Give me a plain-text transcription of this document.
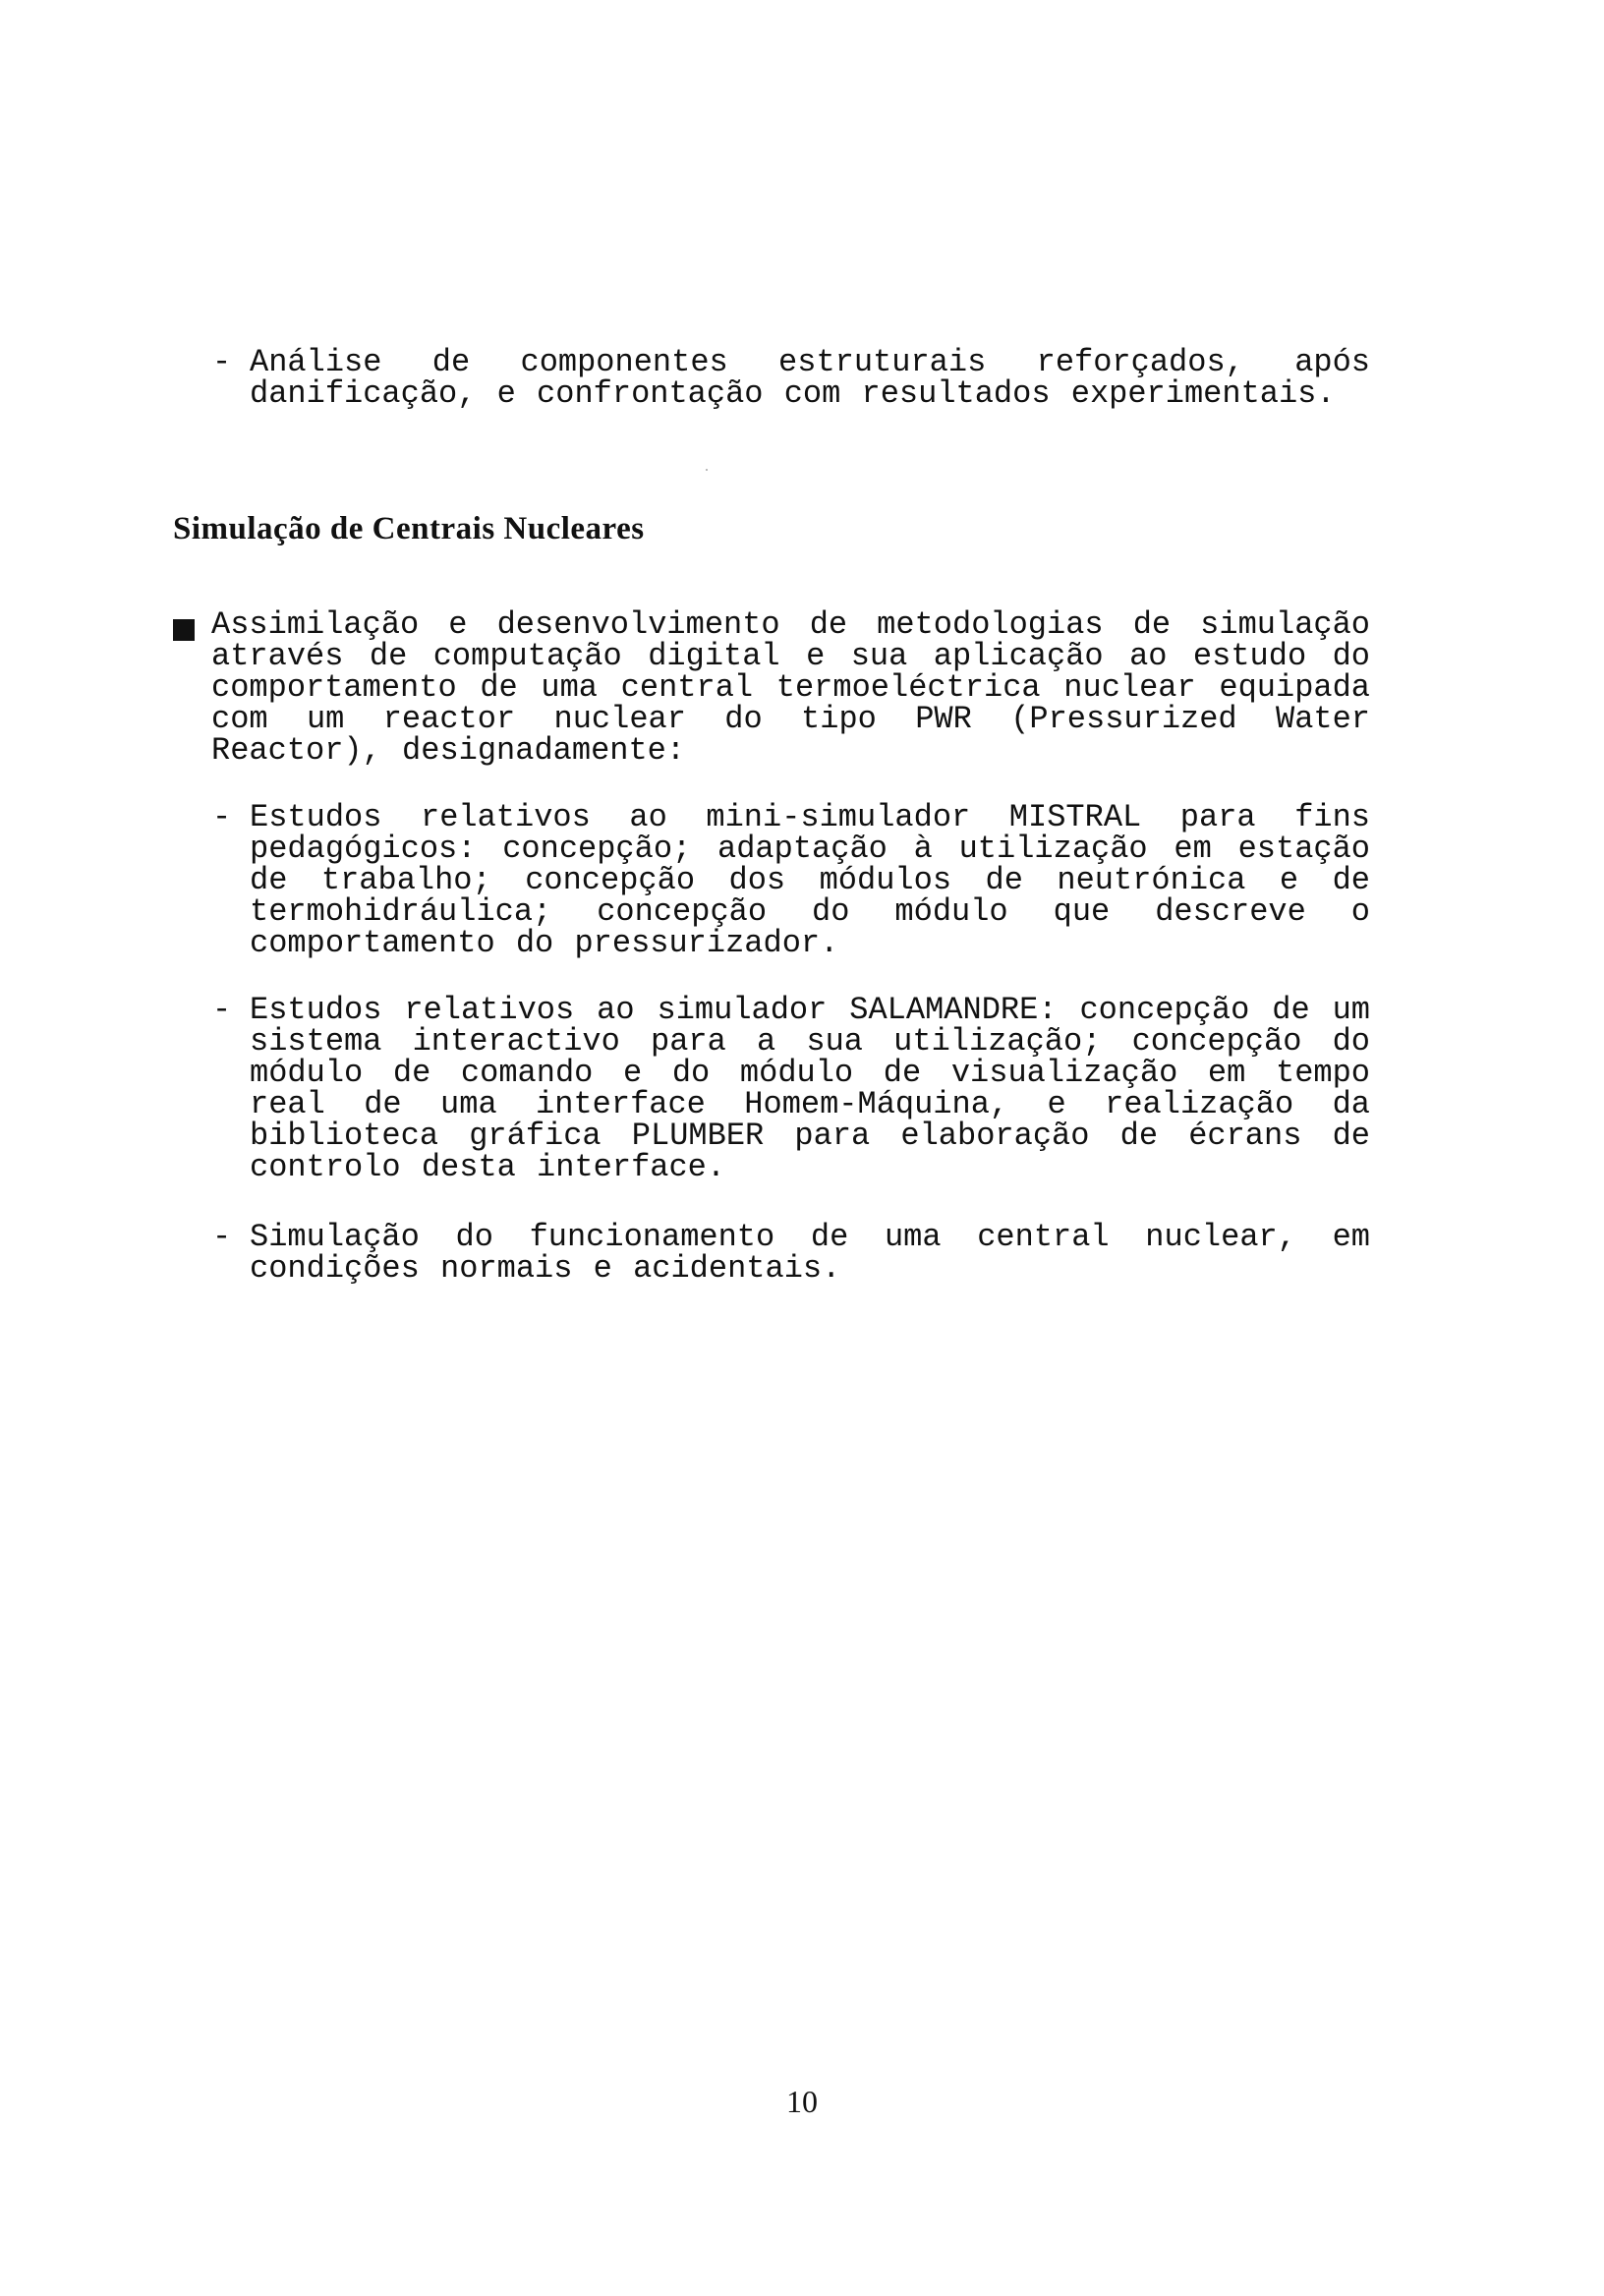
- Análise de componentes estruturais reforçados, após danificação, e confrontação com resultados experimentais.
Simulação de Centrais Nucleares
Assimilação e desenvolvimento de metodologias de simulação através de computação digital e sua aplicação ao estudo do comportamento de uma central termoeléctrica nuclear equipada com um reactor nuclear do tipo PWR (Pressurized Water Reactor), designadamente:
- Estudos relativos ao mini-simulador MISTRAL para fins pedagógicos: concepção; adaptação à utilização em estação de trabalho; concepção dos módulos de neutrónica e de termohidráulica; concepção do módulo que descreve o comportamento do pressurizador.
- Estudos relativos ao simulador SALAMANDRE: concepção de um sistema interactivo para a sua utilização; concepção do módulo de comando e do módulo de visualização em tempo real de uma interface Homem-Máquina, e realização da biblioteca gráfica PLUMBER para elaboração de écrans de controlo desta interface.
- Simulação do funcionamento de uma central nuclear, em condições normais e acidentais.
10
